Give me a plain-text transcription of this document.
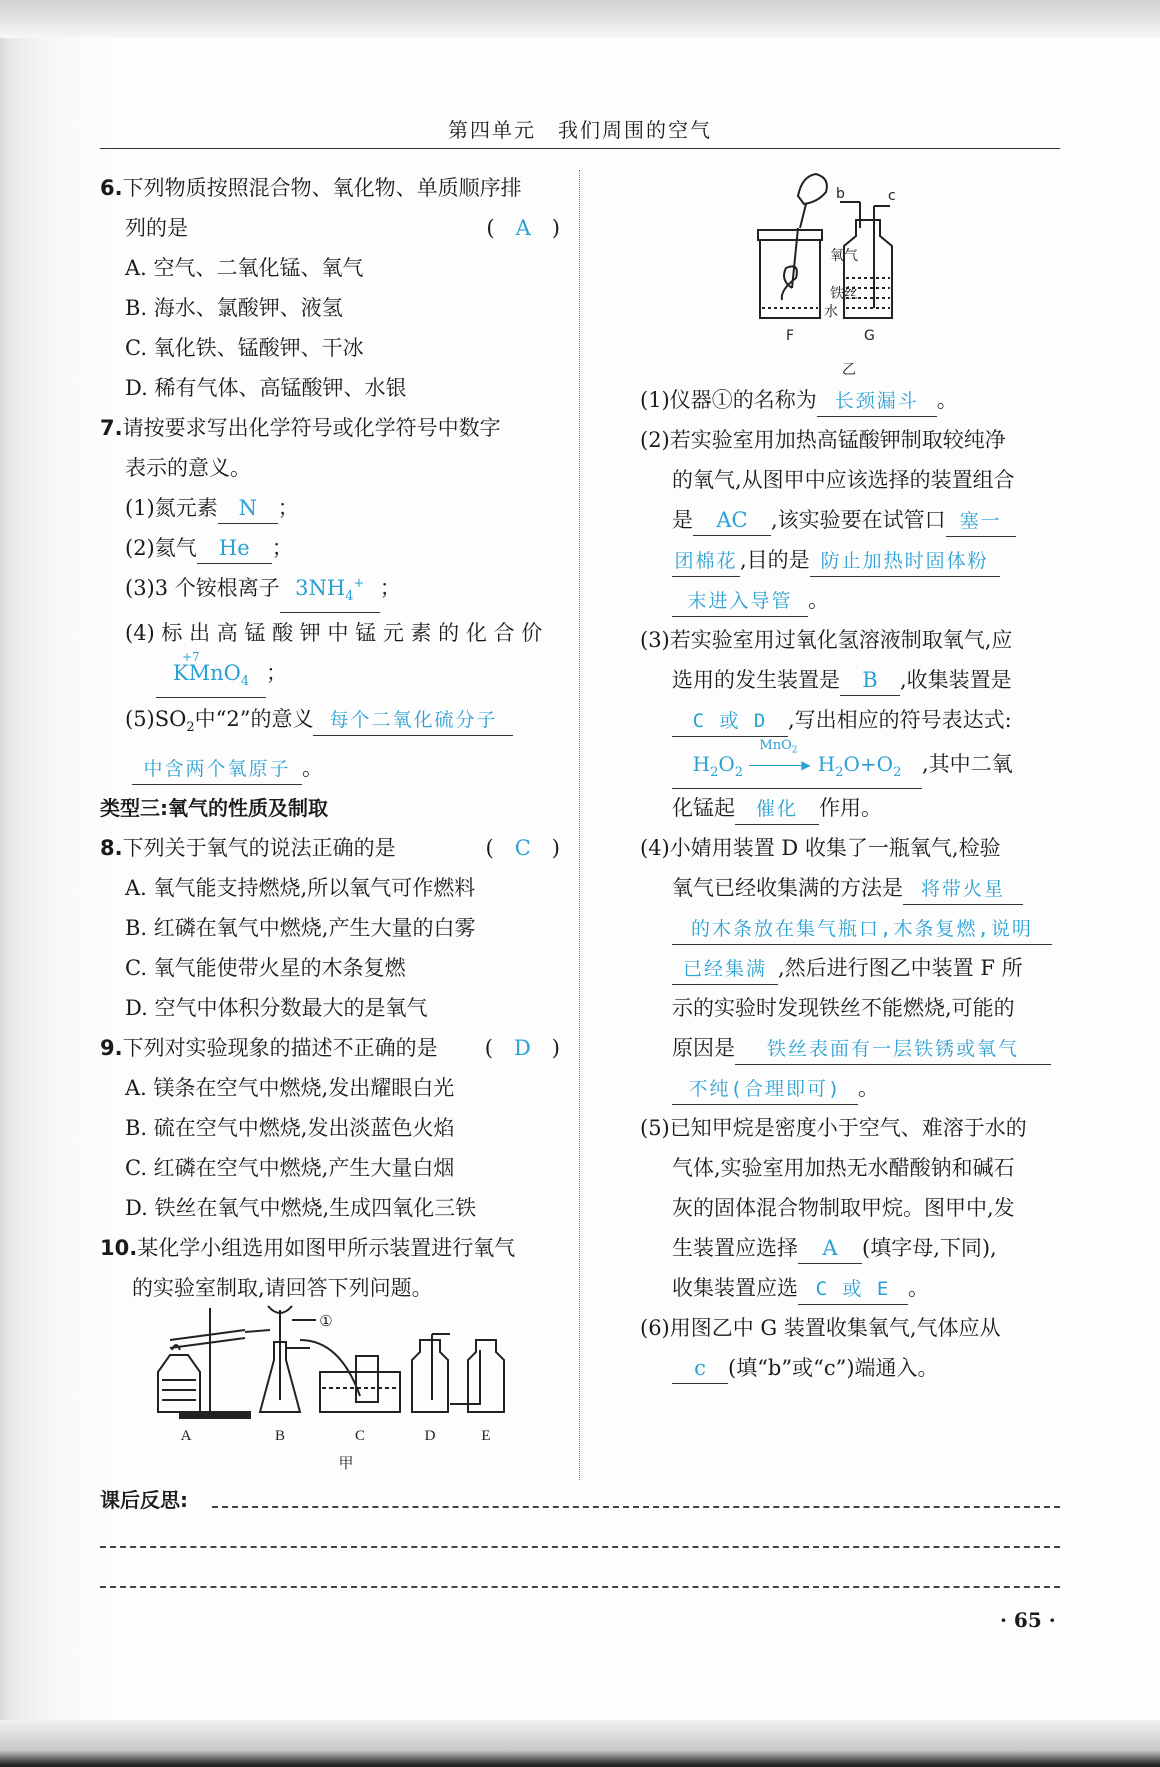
第四单元　我们周围的空气
6.下列物质按照混合物、氧化物、单质顺序排
列的是	(　A　)
A. 空气、二氧化锰、氧气
B. 海水、氯酸钾、液氢
C. 氧化铁、锰酸钾、干冰
D. 稀有气体、高锰酸钾、水银
7.请按要求写出化学符号或化学符号中数字
表示的意义。
(1)氮元素 N ；
(2)氦气 He ；
(3)3 个铵根离子 $3NH_4^+$ ；
(4) 标 出 高 锰 酸 钾 中 锰 元 素 的 化 合 价
+7
KMnO$_4$ ；
$(5)SO_2$中“2”的意义 每个二氧化硫分子
中含两个氧原子 。
类型三:氧气的性质及制取
8.下列关于氧气的说法正确的是	(　C　)
A. 氧气能支持燃烧,所以氧气可作燃料
B. 红磷在氧气中燃烧,产生大量的白雾
C. 氧气能使带火星的木条复燃
D. 空气中体积分数最大的是氧气
9.下列对实验现象的描述不正确的是 (　D　)
A. 镁条在空气中燃烧,发出耀眼白光
B. 硫在空气中燃烧,发出淡蓝色火焰
C. 红磷在空气中燃烧,产生大量白烟
D. 铁丝在氧气中燃烧,生成四氧化三铁
10.某化学小组选用如图甲所示装置进行氧气
的实验室制取,请回答下列问题。
A	B	C	D	E
①
甲
氧气
铁丝
水
b	c
F	G
乙
(1)仪器①的名称为 长颈漏斗 。
(2)若实验室用加热高锰酸钾制取较纯净
的氧气,从图甲中应该选择的装置组合
是 AC ,该实验要在试管口 塞一
团棉花 ,目的是 防止加热时固体粉
末进入导管 。
(3)若实验室用过氧化氢溶液制取氧气,应
选用的发生装置是 B ,收集装置是
C 或 D ,写出相应的符号表达式:
$H_2O_2$
MnO$_2$
▶ $H_2O+O_2$ ,其中二氧
化锰起 催化 作用。
(4)小婧用装置 D 收集了一瓶氧气,检验
氧气已经收集满的方法是 将带火星
的木条放在集气瓶口,木条复燃,说明
已经集满 ,然后进行图乙中装置 F 所
示的实验时发现铁丝不能燃烧,可能的
原因是 铁丝表面有一层铁锈或氧气
不纯(合理即可) 。
(5)已知甲烷是密度小于空气、难溶于水的
气体,实验室用加热无水醋酸钠和碱石
灰的固体混合物制取甲烷。图甲中,发
生装置应选择 A (填字母,下同),
收集装置应选 C 或 E 。
(6)用图乙中 G 装置收集氧气,气体应从
c (填“b”或“c”)端通入。
课后反思:
· 65 ·
